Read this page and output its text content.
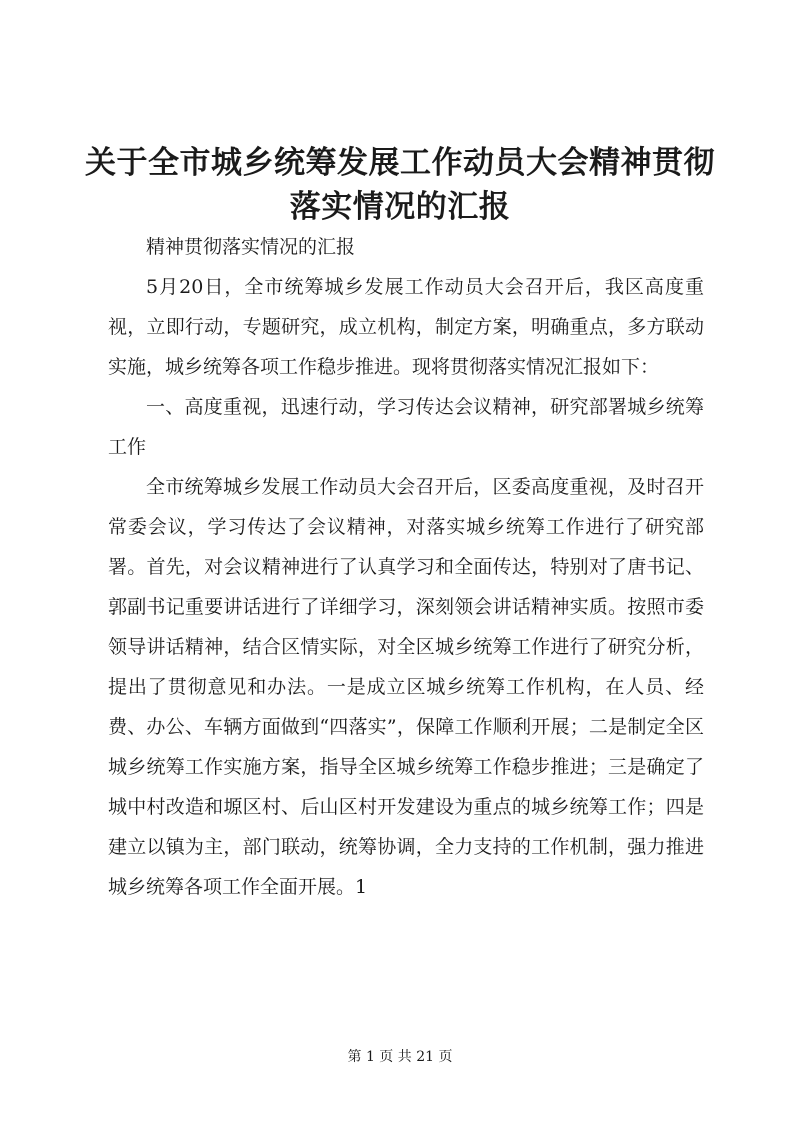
关于全市城乡统筹发展工作动员大会精神贯彻
落实情况的汇报

精神贯彻落实情况的汇报

5月20日，全市统筹城乡发展工作动员大会召开后，我区高度重视，立即行动，专题研究，成立机构，制定方案，明确重点，多方联动实施，城乡统筹各项工作稳步推进。现将贯彻落实情况汇报如下：

一、高度重视，迅速行动，学习传达会议精神，研究部署城乡统筹工作

全市统筹城乡发展工作动员大会召开后，区委高度重视，及时召开常委会议，学习传达了会议精神，对落实城乡统筹工作进行了研究部署。首先，对会议精神进行了认真学习和全面传达，特别对了唐书记、郭副书记重要讲话进行了详细学习，深刻领会讲话精神实质。按照市委领导讲话精神，结合区情实际，对全区城乡统筹工作进行了研究分析，提出了贯彻意见和办法。一是成立区城乡统筹工作机构，在人员、经费、办公、车辆方面做到“四落实”，保障工作顺利开展；二是制定全区城乡统筹工作实施方案，指导全区城乡统筹工作稳步推进；三是确定了城中村改造和塬区村、后山区村开发建设为重点的城乡统筹工作；四是建立以镇为主，部门联动，统筹协调，全力支持的工作机制，强力推进城乡统筹各项工作全面开展。1

第 1 页 共 21 页
